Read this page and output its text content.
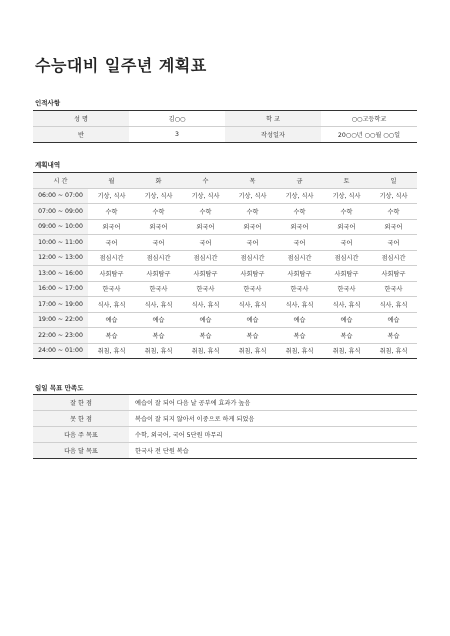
수능대비 일주년 계획표
인적사항
성 명	김○○	학 교	○○고등학교
반	3	작성일자	20○○년 ○○월 ○○일
계획내역
시 간	월	화	수	목	금	토	일
06:00 ~ 07:00	기상, 식사	기상, 식사	기상, 식사	기상, 식사	기상, 식사	기상, 식사	기상, 식사
07:00 ~ 09:00	수학	수학	수학	수학	수학	수학	수학
09:00 ~ 10:00	외국어	외국어	외국어	외국어	외국어	외국어	외국어
10:00 ~ 11:00	국어	국어	국어	국어	국어	국어	국어
12:00 ~ 13:00	점심시간	점심시간	점심시간	점심시간	점심시간	점심시간	점심시간
13:00 ~ 16:00	사회탐구	사회탐구	사회탐구	사회탐구	사회탐구	사회탐구	사회탐구
16:00 ~ 17:00	한국사	한국사	한국사	한국사	한국사	한국사	한국사
17:00 ~ 19:00	식사, 휴식	식사, 휴식	식사, 휴식	식사, 휴식	식사, 휴식	식사, 휴식	식사, 휴식
19:00 ~ 22:00	예습	예습	예습	예습	예습	예습	예습
22:00 ~ 23:00	복습	복습	복습	복습	복습	복습	복습
24:00 ~ 01:00	취침, 휴식	취침, 휴식	취침, 휴식	취침, 휴식	취침, 휴식	취침, 휴식	취침, 휴식
일일 목표 만족도
잘 한 점	예습이 잘 되어 다음 날 공부에 효과가 높음
못 한 점	복습이 잘 되지 않아서 이중으로 하게 되었음
다음 주 목표	수학, 외국어, 국어 5단원 마무리
다음 달 목표	한국사 전 단원 복습
